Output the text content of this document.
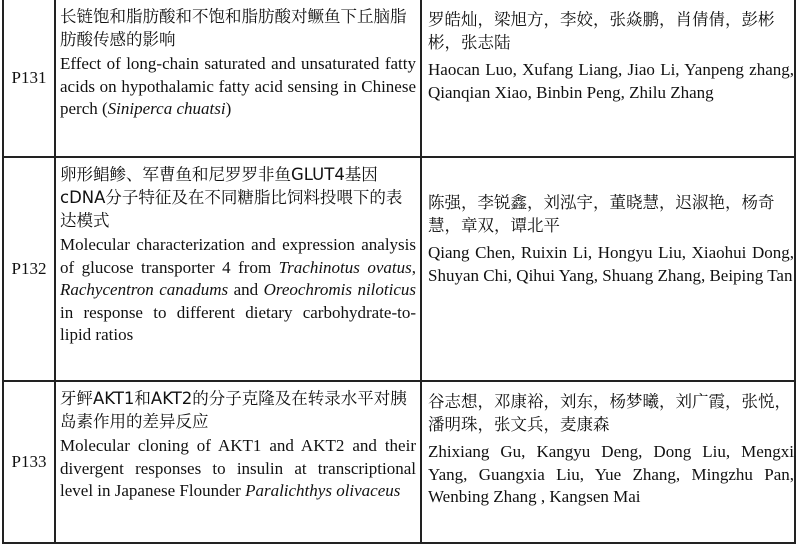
P131

长链饱和脂肪酸和不饱和脂肪酸对鳜鱼下丘脑脂肪酸传感的影响

Effect of long-chain saturated and unsaturated fatty acids on hypothalamic fatty acid sensing in Chinese perch (Siniperca chuatsi)

罗皓灿，梁旭方，李姣，张焱鹏，肖倩倩，彭彬彬，张志陆

Haocan Luo, Xufang Liang, Jiao Li, Yanpeng zhang, Qianqian Xiao, Binbin Peng, Zhilu Zhang

P132

卵形鲳鲹、军曹鱼和尼罗罗非鱼GLUT4基因cDNA分子特征及在不同糖脂比饲料投喂下的表达模式

Molecular characterization and expression analysis of glucose transporter 4 from Trachinotus ovatus, Rachycentron canadums and Oreochromis niloticus in response to different dietary carbohydrate-to-lipid ratios

陈强，李锐鑫，刘泓宇，董晓慧，迟淑艳，杨奇慧，章双，谭北平

Qiang Chen, Ruixin Li, Hongyu Liu, Xiaohui Dong, Shuyan Chi, Qihui Yang, Shuang Zhang, Beiping Tan

P133

牙鲆AKT1和AKT2的分子克隆及在转录水平对胰岛素作用的差异反应

Molecular cloning of AKT1 and AKT2 and their divergent responses to insulin at transcriptional level in Japanese Flounder Paralichthys olivaceus

谷志想，邓康裕，刘东，杨梦曦，刘广霞，张悦，潘明珠，张文兵，麦康森

Zhixiang Gu, Kangyu Deng, Dong Liu, Mengxi Yang, Guangxia Liu, Yue Zhang, Mingzhu Pan, Wenbing Zhang , Kangsen Mai
